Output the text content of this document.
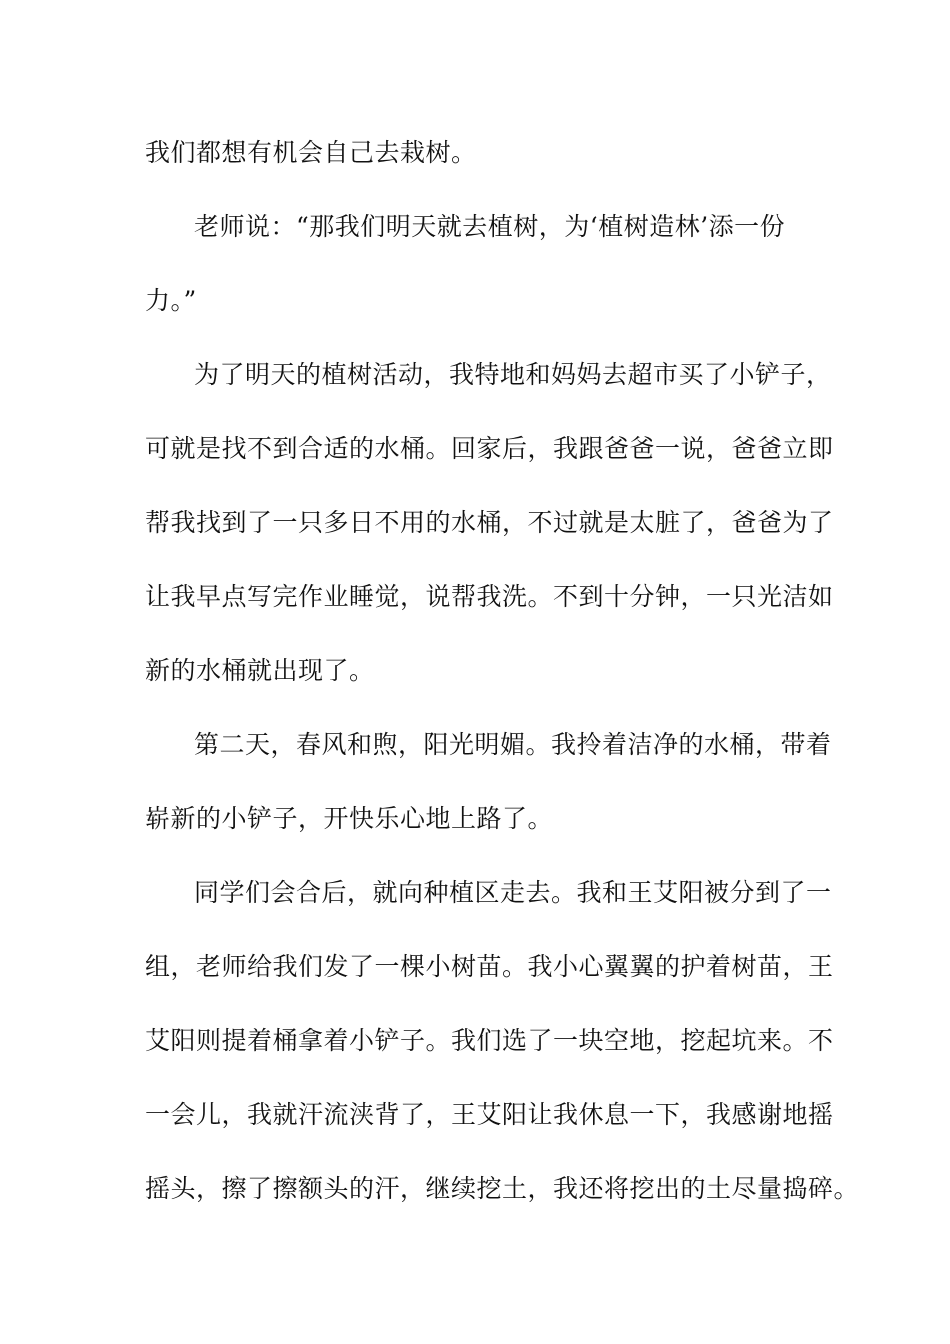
我们都想有机会自己去栽树。
老师说：“那我们明天就去植树，为‘植树造林’添一份
力。”
为了明天的植树活动，我特地和妈妈去超市买了小铲子，
可就是找不到合适的水桶。回家后，我跟爸爸一说，爸爸立即
帮我找到了一只多日不用的水桶，不过就是太脏了，爸爸为了
让我早点写完作业睡觉，说帮我洗。不到十分钟，一只光洁如
新的水桶就出现了。
第二天，春风和煦，阳光明媚。我拎着洁净的水桶，带着
崭新的小铲子，开快乐心地上路了。
同学们会合后，就向种植区走去。我和王艾阳被分到了一
组，老师给我们发了一棵小树苗。我小心翼翼的护着树苗，王
艾阳则提着桶拿着小铲子。我们选了一块空地，挖起坑来。不
一会儿，我就汗流浃背了，王艾阳让我休息一下，我感谢地摇
摇头，擦了擦额头的汗，继续挖土，我还将挖出的土尽量捣碎。
